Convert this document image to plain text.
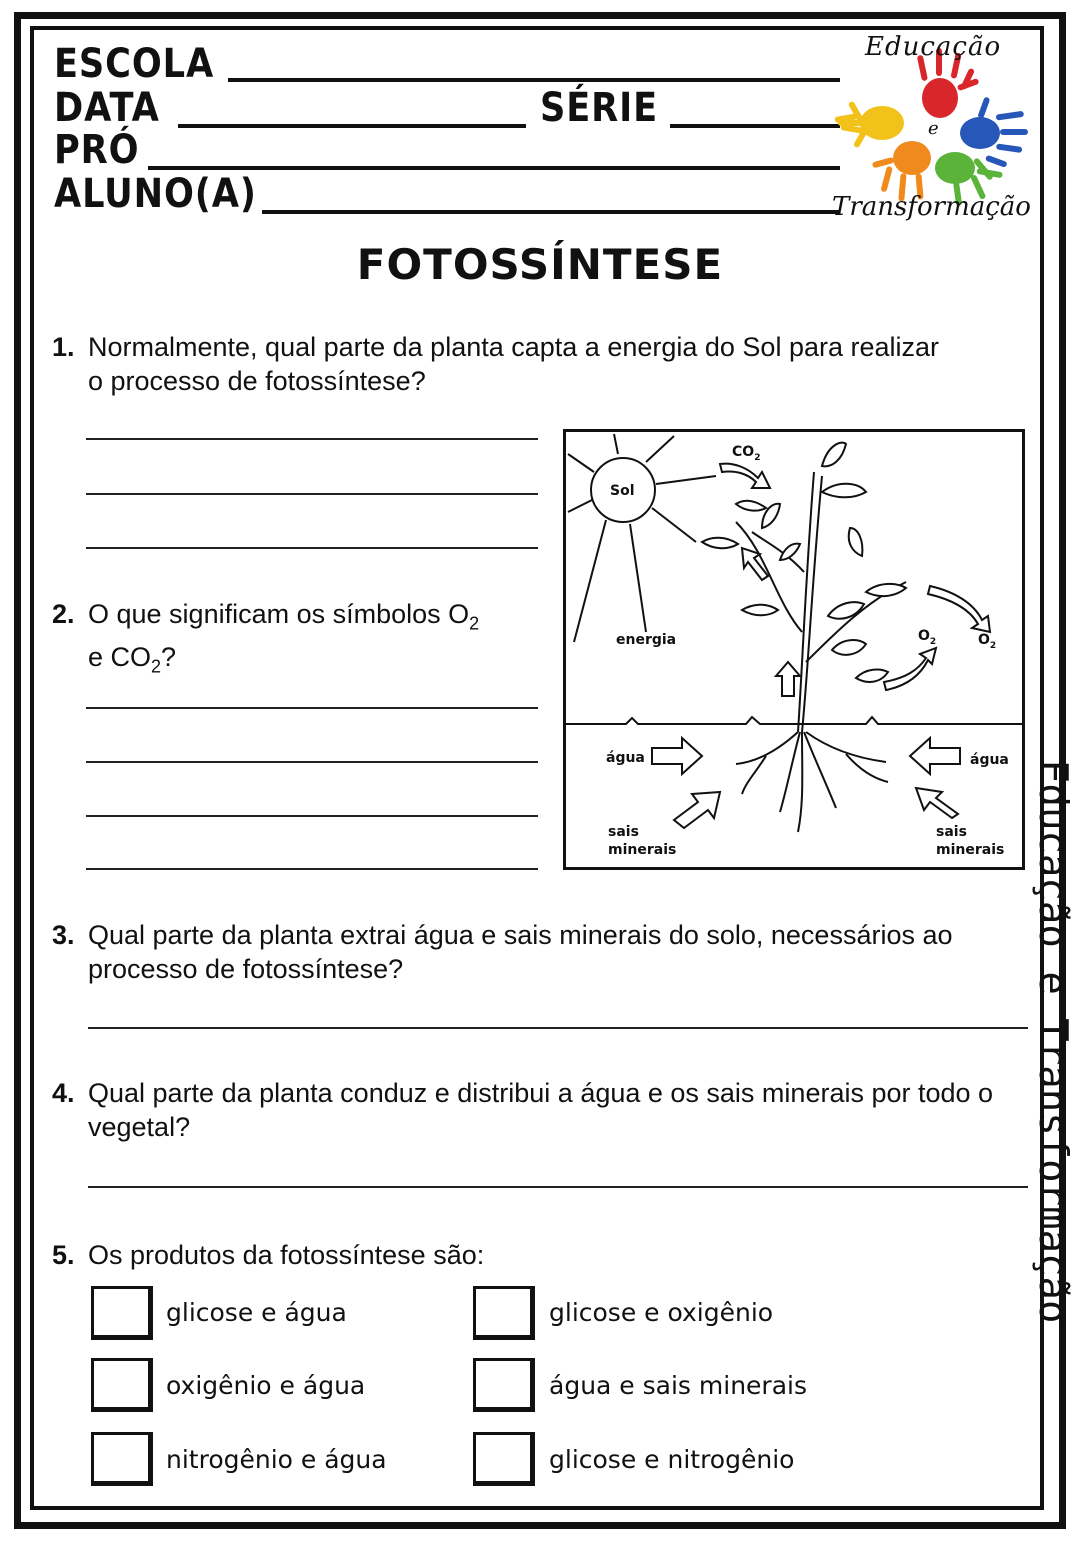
ESCOLA
DATA	SÉRIE
PRÓ
ALUNO(A)
Educação
e
Transformação
FOTOSSÍNTESE
1. Normalmente, qual parte da planta capta a energia do Sol para realizar o processo de fotossíntese?
2. O que significam os símbolos $O_2$
e $CO_2$?
Sol
energia
$CO_2$
$O_2$	$O_2$
água	água
sais
minerais
sais
minerais
3. Qual parte da planta extrai água e sais minerais do solo, necessários ao processo de fotossíntese?
4. Qual parte da planta conduz e distribui a água e os sais minerais por todo o vegetal?
5. Os produtos da fotossíntese são:
glicose e água	glicose e oxigênio
oxigênio e água	água e sais minerais
nitrogênio e água	glicose e nitrogênio
Educação e Transformação
